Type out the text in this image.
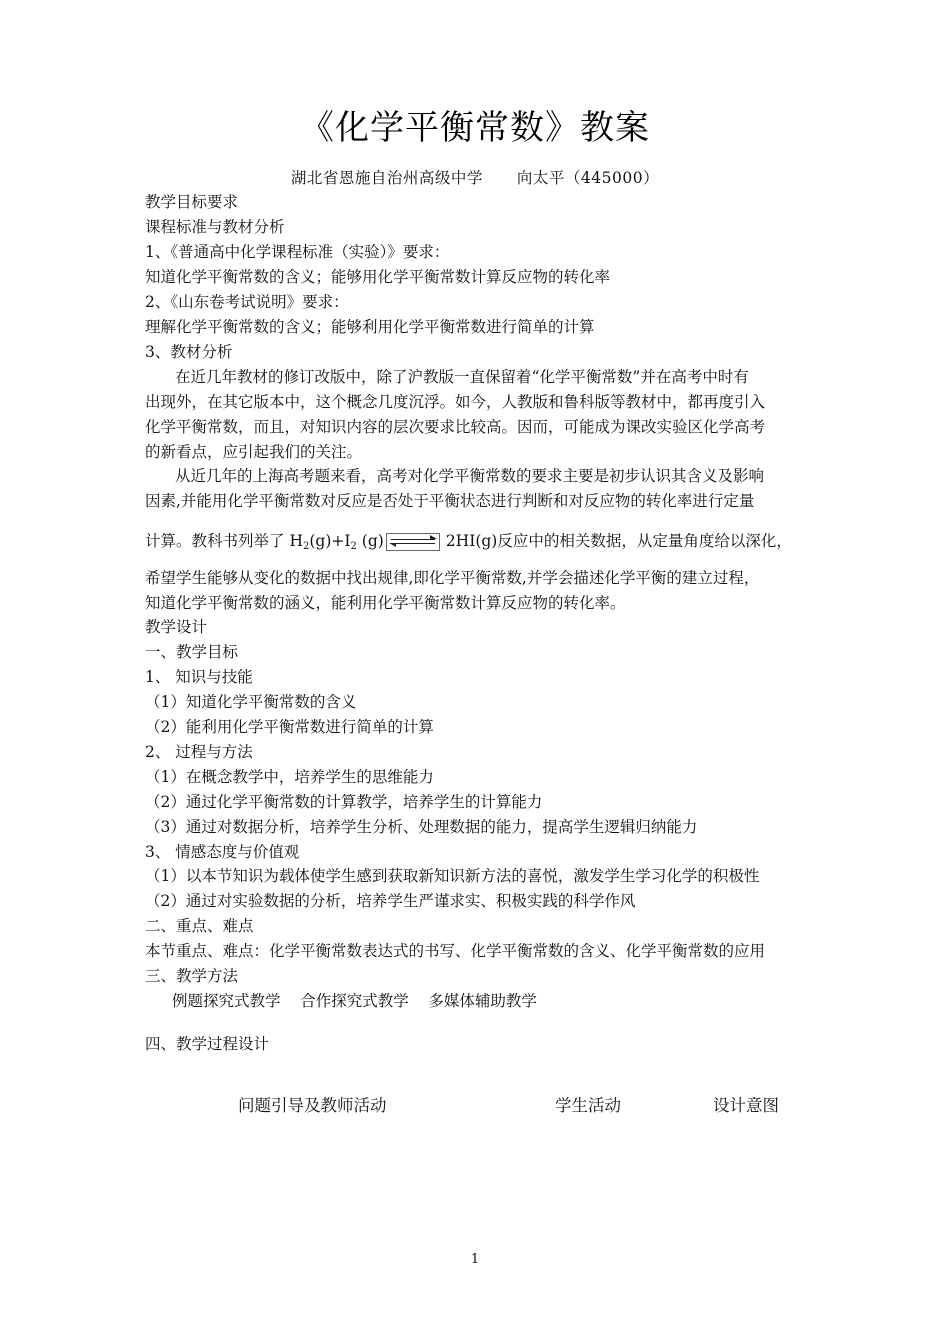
《化学平衡常数》教案
湖北省恩施自治州高级中学 向太平（445000）
教学目标要求
课程标准与教材分析
1、《普通高中化学课程标准（实验）》要求：
知道化学平衡常数的含义；能够用化学平衡常数计算反应物的转化率
2、《山东卷考试说明》要求：
理解化学平衡常数的含义；能够利用化学平衡常数进行简单的计算
3、教材分析
在近几年教材的修订改版中，除了沪教版一直保留着“化学平衡常数”并在高考中时有
出现外，在其它版本中，这个概念几度沉浮。如今，人教版和鲁科版等教材中，都再度引入
化学平衡常数，而且，对知识内容的层次要求比较高。因而，可能成为课改实验区化学高考
的新看点，应引起我们的关注。
从近几年的上海高考题来看，高考对化学平衡常数的要求主要是初步认识其含义及影响
因素,并能用化学平衡常数对反应是否处于平衡状态进行判断和对反应物的转化率进行定量
计算。教科书列举了 $H_2(g)+I_2$ (g)	2HI(g)反应中的相关数据，从定量角度给以深化，
希望学生能够从变化的数据中找出规律,即化学平衡常数,并学会描述化学平衡的建立过程，
知道化学平衡常数的涵义，能利用化学平衡常数计算反应物的转化率。
教学设计
一、教学目标
1、 知识与技能
（1）知道化学平衡常数的含义
（2）能利用化学平衡常数进行简单的计算
2、 过程与方法
（1）在概念教学中，培养学生的思维能力
（2）通过化学平衡常数的计算教学，培养学生的计算能力
（3）通过对数据分析，培养学生分析、处理数据的能力，提高学生逻辑归纳能力
3、 情感态度与价值观
（1）以本节知识为载体使学生感到获取新知识新方法的喜悦，激发学生学习化学的积极性
（2）通过对实验数据的分析，培养学生严谨求实、积极实践的科学作风
二、重点、难点
本节重点、难点：化学平衡常数表达式的书写、化学平衡常数的含义、化学平衡常数的应用
三、教学方法
例题探究式教学    合作探究式教学    多媒体辅助教学
四、教学过程设计
问题引导及教师活动	学生活动	设计意图
1
